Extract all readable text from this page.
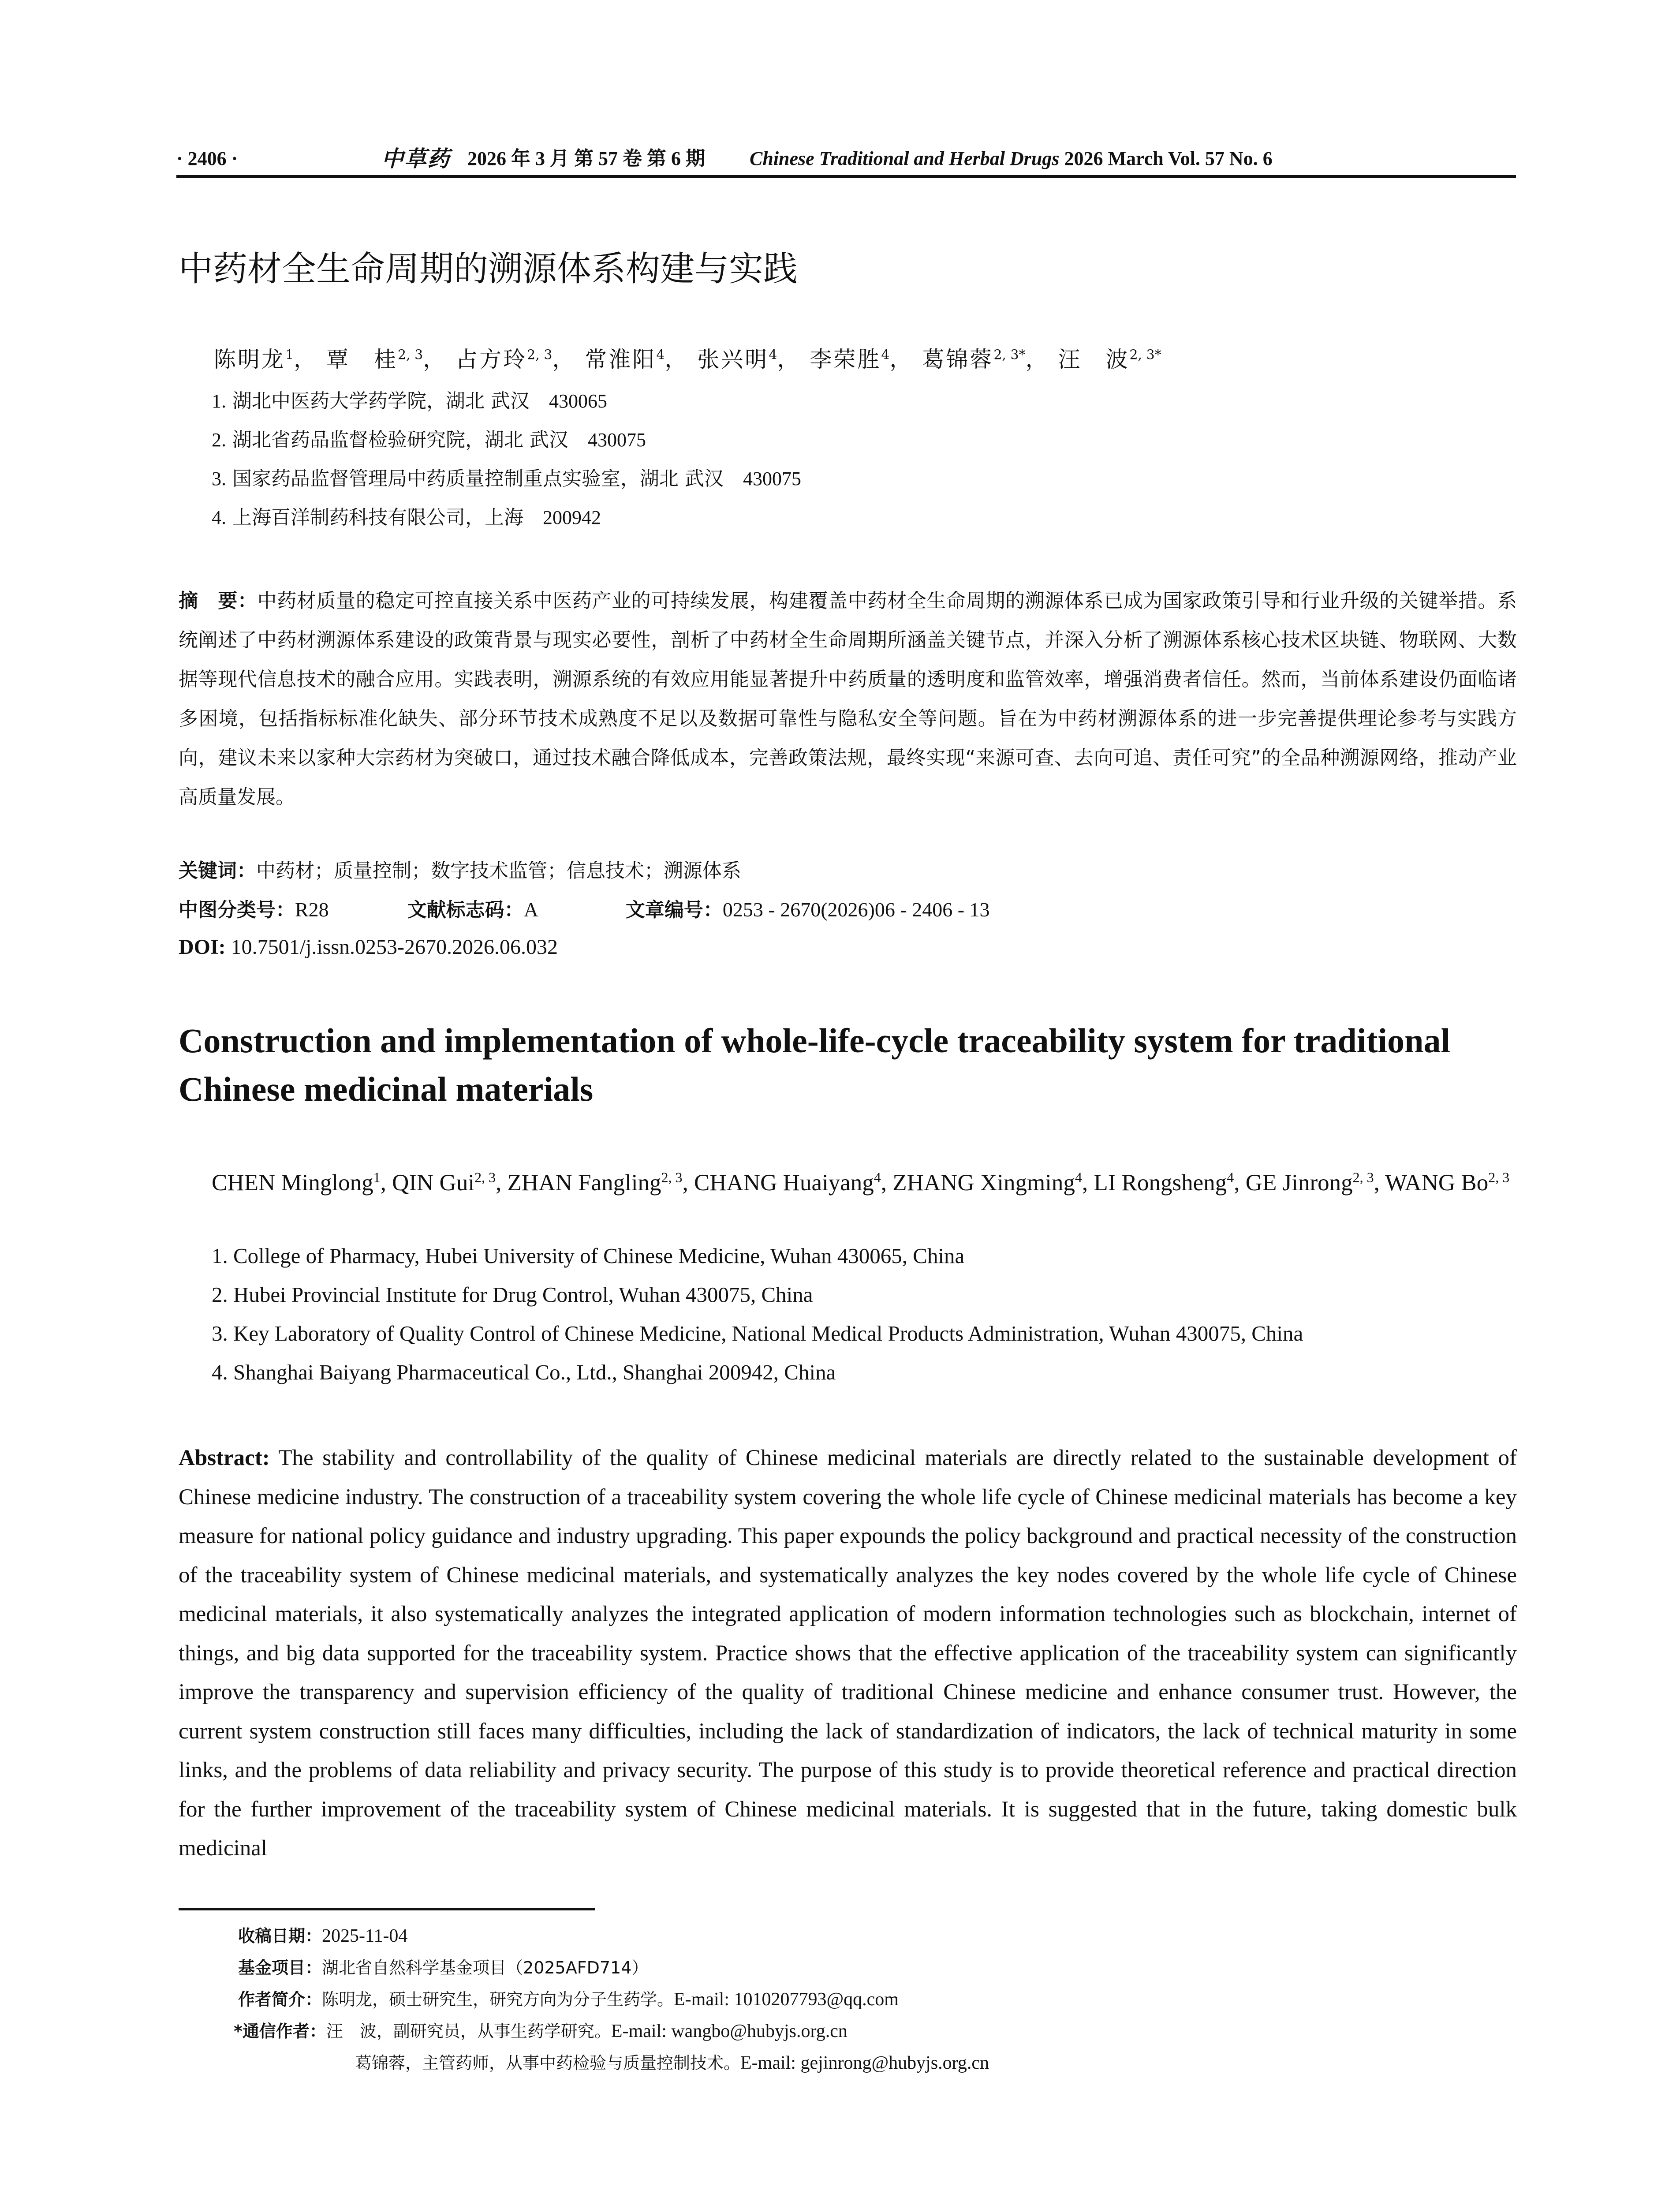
· 2406 ·	中草药 2026 年 3 月 第 57 卷 第 6 期 Chinese Traditional and Herbal Drugs 2026 March Vol. 57 No. 6
中药材全生命周期的溯源体系构建与实践
陈明龙$^1$， 覃　桂$^{2, 3}$， 占方玲$^{2, 3}$， 常淮阳$^4$， 张兴明$^4$， 李荣胜$^4$， 葛锦蓉$^{2, 3*}$， 汪　波$^{2, 3*}$
1. 湖北中医药大学药学院，湖北 武汉　 430065
2. 湖北省药品监督检验研究院，湖北 武汉　 430075
3. 国家药品监督管理局中药质量控制重点实验室，湖北 武汉　 430075
4. 上海百洋制药科技有限公司，上海　 200942
摘　要：中药材质量的稳定可控直接关系中医药产业的可持续发展，构建覆盖中药材全生命周期的溯源体系已成为国家政策引导和行业升级的关键举措。系统阐述了中药材溯源体系建设的政策背景与现实必要性，剖析了中药材全生命周期所涵盖关键节点，并深入分析了溯源体系核心技术区块链、物联网、大数据等现代信息技术的融合应用。实践表明，溯源系统的有效应用能显著提升中药质量的透明度和监管效率，增强消费者信任。然而，当前体系建设仍面临诸多困境，包括指标标准化缺失、部分环节技术成熟度不足以及数据可靠性与隐私安全等问题。旨在为中药材溯源体系的进一步完善提供理论参考与实践方向，建议未来以家种大宗药材为突破口，通过技术融合降低成本，完善政策法规，最终实现“来源可查、去向可追、责任可究”的全品种溯源网络，推动产业高质量发展。
关键词：中药材；质量控制；数字技术监管；信息技术；溯源体系
中图分类号：R28	文献标志码：A	文章编号：0253 - 2670(2026)06 - 2406 - 13
DOI: 10.7501/j.issn.0253-2670.2026.06.032
Construction and implementation of whole-life-cycle traceability system for traditional Chinese medicinal materials
CHEN Minglong$^1$, QIN Gui$^{2, 3}$, ZHAN Fangling$^{2, 3}$, CHANG Huaiyang$^4$, ZHANG Xingming$^4$, LI Rongsheng$^4$, GE Jinrong$^{2, 3}$, WANG Bo$^{2, 3}$
1. College of Pharmacy, Hubei University of Chinese Medicine, Wuhan 430065, China
2. Hubei Provincial Institute for Drug Control, Wuhan 430075, China
3. Key Laboratory of Quality Control of Chinese Medicine, National Medical Products Administration, Wuhan 430075, China
4. Shanghai Baiyang Pharmaceutical Co., Ltd., Shanghai 200942, China
Abstract: The stability and controllability of the quality of Chinese medicinal materials are directly related to the sustainable development of Chinese medicine industry. The construction of a traceability system covering the whole life cycle of Chinese medicinal materials has become a key measure for national policy guidance and industry upgrading. This paper expounds the policy background and practical necessity of the construction of the traceability system of Chinese medicinal materials, and systematically analyzes the key nodes covered by the whole life cycle of Chinese medicinal materials, it also systematically analyzes the integrated application of modern information technologies such as blockchain, internet of things, and big data supported for the traceability system. Practice shows that the effective application of the traceability system can significantly improve the transparency and supervision efficiency of the quality of traditional Chinese medicine and enhance consumer trust. However, the current system construction still faces many difficulties, including the lack of standardization of indicators, the lack of technical maturity in some links, and the problems of data reliability and privacy security. The purpose of this study is to provide theoretical reference and practical direction for the further improvement of the traceability system of Chinese medicinal materials. It is suggested that in the future, taking domestic bulk medicinal
收稿日期：2025-11-04
基金项目：湖北省自然科学基金项目（2025AFD714）
作者简介：陈明龙，硕士研究生，研究方向为分子生药学。E-mail: 1010207793@qq.com
*通信作者：汪　波，副研究员，从事生药学研究。E-mail: wangbo@hubyjs.org.cn
葛锦蓉，主管药师，从事中药检验与质量控制技术。E-mail: gejinrong@hubyjs.org.cn
